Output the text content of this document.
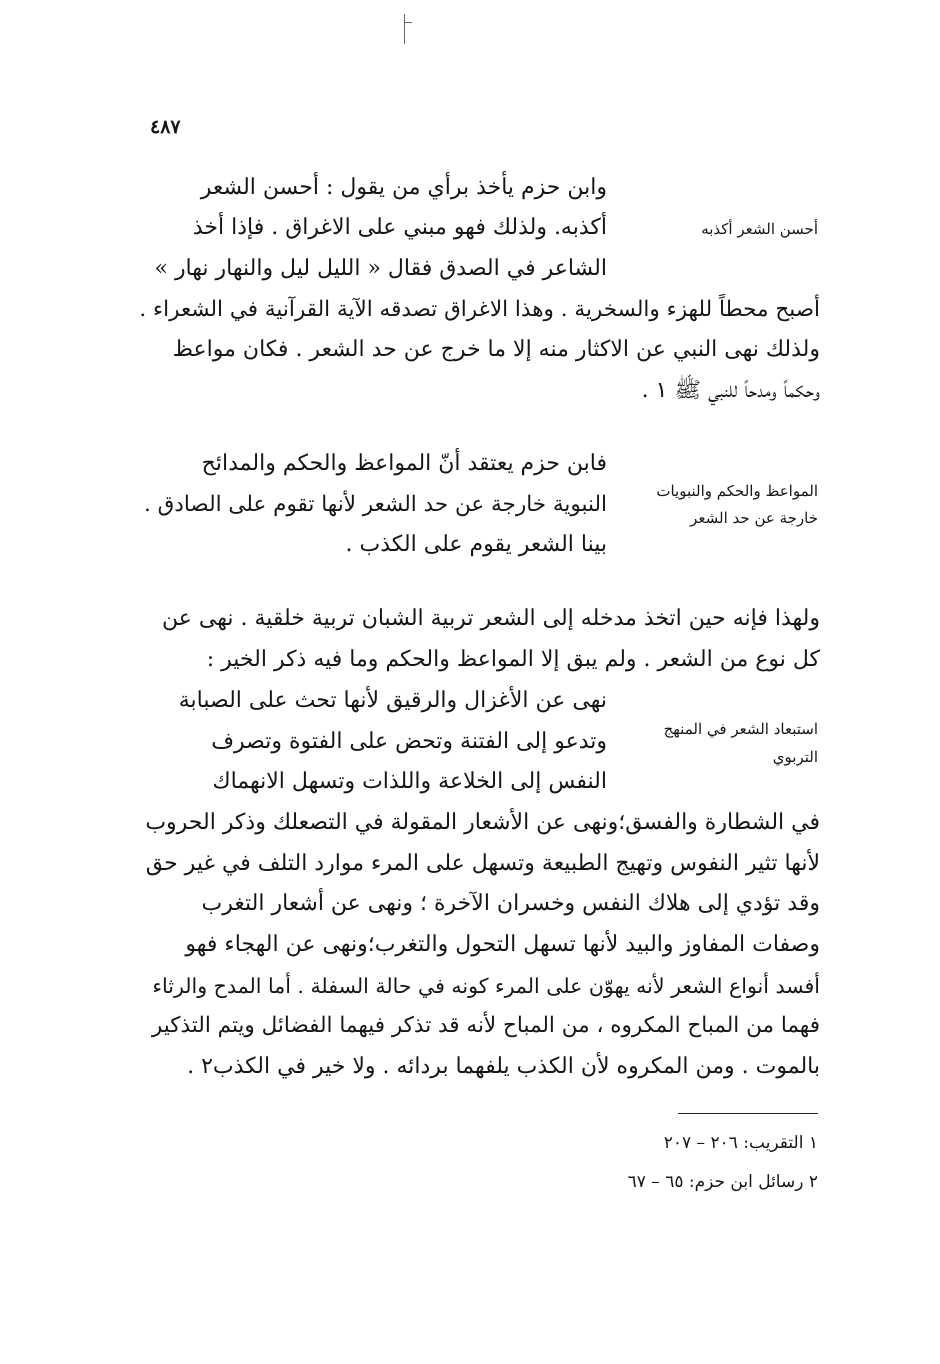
٤٨٧
وابن حزم يأخذ برأي من يقول : أحسن الشعر
أكذبه. ولذلك فهو مبني على الاغراق . فإذا أخذ
الشاعر في الصدق فقال « الليل ليل والنهار نهار »
أصبح محطاً للهزء والسخرية . وهذا الاغراق تصدقه الآية القرآنية في الشعراء .
ولذلك نهى النبي عن الاكثار منه إلا ما خرج عن حد الشعر . فكان مواعظ
وحكماً ومدحاً للنبي ﷺ ١ .
أحسن الشعر أكذبه
فابن حزم يعتقد أنّ المواعظ والحكم والمدائح
النبوية خارجة عن حد الشعر لأنها تقوم على الصادق .
بينا الشعر يقوم على الكذب .
المواعظ والحكم والنبويات
خارجة عن حد الشعر
ولهذا فإنه حين اتخذ مدخله إلى الشعر تربية الشبان تربية خلقية . نهى عن
كل نوع من الشعر . ولم يبق إلا المواعظ والحكم وما فيه ذكر الخير :
نهى عن الأغزال والرقيق لأنها تحث على الصبابة
وتدعو إلى الفتنة وتحض على الفتوة وتصرف
النفس إلى الخلاعة واللذات وتسهل الانهماك
في الشطارة والفسق؛ونهى عن الأشعار المقولة في التصعلك وذكر الحروب
لأنها تثير النفوس وتهيج الطبيعة وتسهل على المرء موارد التلف في غير حق
وقد تؤدي إلى هلاك النفس وخسران الآخرة ؛ ونهى عن أشعار التغرب
وصفات المفاوز والبيد لأنها تسهل التحول والتغرب؛ونهى عن الهجاء فهو
أفسد أنواع الشعر لأنه يهوّن على المرء كونه في حالة السفلة . أما المدح والرثاء
فهما من المباح المكروه ، من المباح لأنه قد تذكر فيهما الفضائل ويتم التذكير
بالموت . ومن المكروه لأن الكذب يلفهما بردائه . ولا خير في الكذب٢ .
استبعاد الشعر في المنهج
التربوي
١ التقريب: ٢٠٦ – ٢٠٧
٢ رسائل ابن حزم: ٦٥ – ٦٧
